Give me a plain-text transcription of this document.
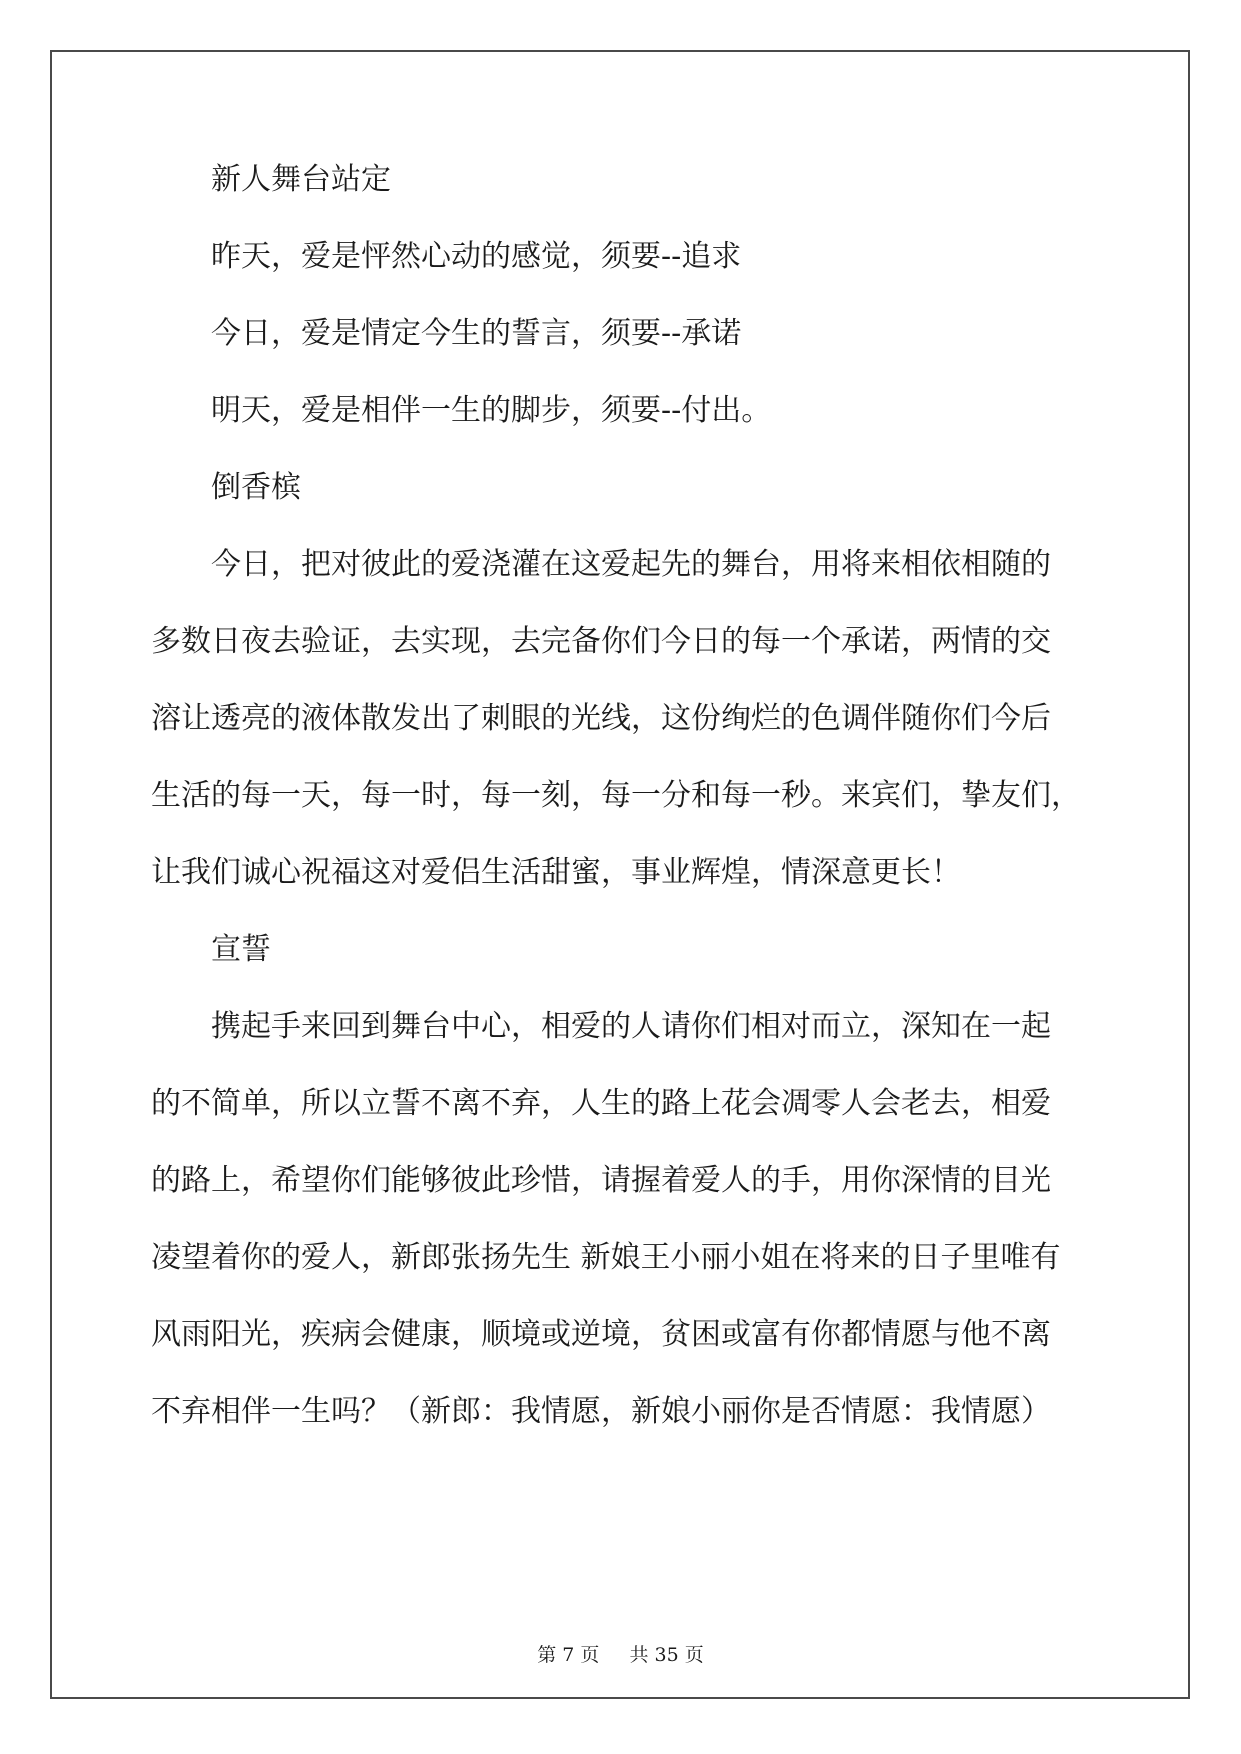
新人舞台站定

昨天，爱是怦然心动的感觉，须要--追求

今日，爱是情定今生的誓言，须要--承诺

明天，爱是相伴一生的脚步，须要--付出。

倒香槟

今日，把对彼此的爱浇灌在这爱起先的舞台，用将来相依相随的

多数日夜去验证，去实现，去完备你们今日的每一个承诺，两情的交

溶让透亮的液体散发出了刺眼的光线，这份绚烂的色调伴随你们今后

生活的每一天，每一时，每一刻，每一分和每一秒。来宾们，挚友们，

让我们诚心祝福这对爱侣生活甜蜜，事业辉煌，情深意更长！

宣誓

携起手来回到舞台中心，相爱的人请你们相对而立，深知在一起

的不简单，所以立誓不离不弃，人生的路上花会凋零人会老去，相爱

的路上，希望你们能够彼此珍惜，请握着爱人的手，用你深情的目光

凌望着你的爱人，新郎张扬先生 新娘王小丽小姐在将来的日子里唯有

风雨阳光，疾病会健康，顺境或逆境，贫困或富有你都情愿与他不离

不弃相伴一生吗？（新郎：我情愿，新娘小丽你是否情愿：我情愿）

第 7 页 共 35 页
